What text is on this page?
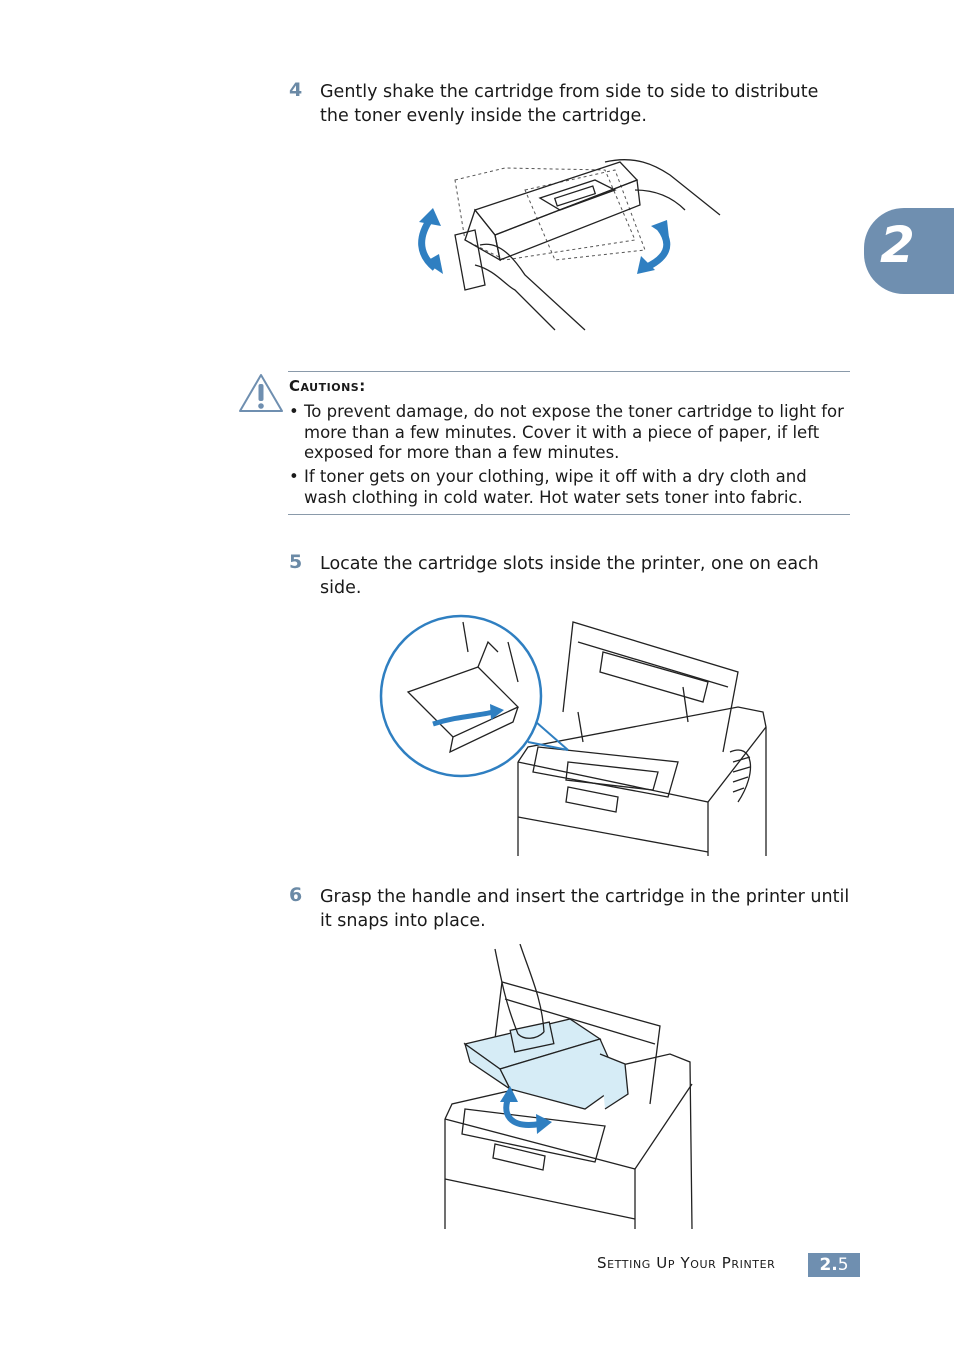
2
4 Gently shake the cartridge from side to side to distribute the toner evenly inside the cartridge.
Cautions:
• To prevent damage, do not expose the toner cartridge to light for more than a few minutes. Cover it with a piece of paper, if left exposed for more than a few minutes.
• If toner gets on your clothing, wipe it off with a dry cloth and wash clothing in cold water. Hot water sets toner into fabric.
5 Locate the cartridge slots inside the printer, one on each side.
6 Grasp the handle and insert the cartridge in the printer until it snaps into place.
Setting Up Your Printer	2.5
